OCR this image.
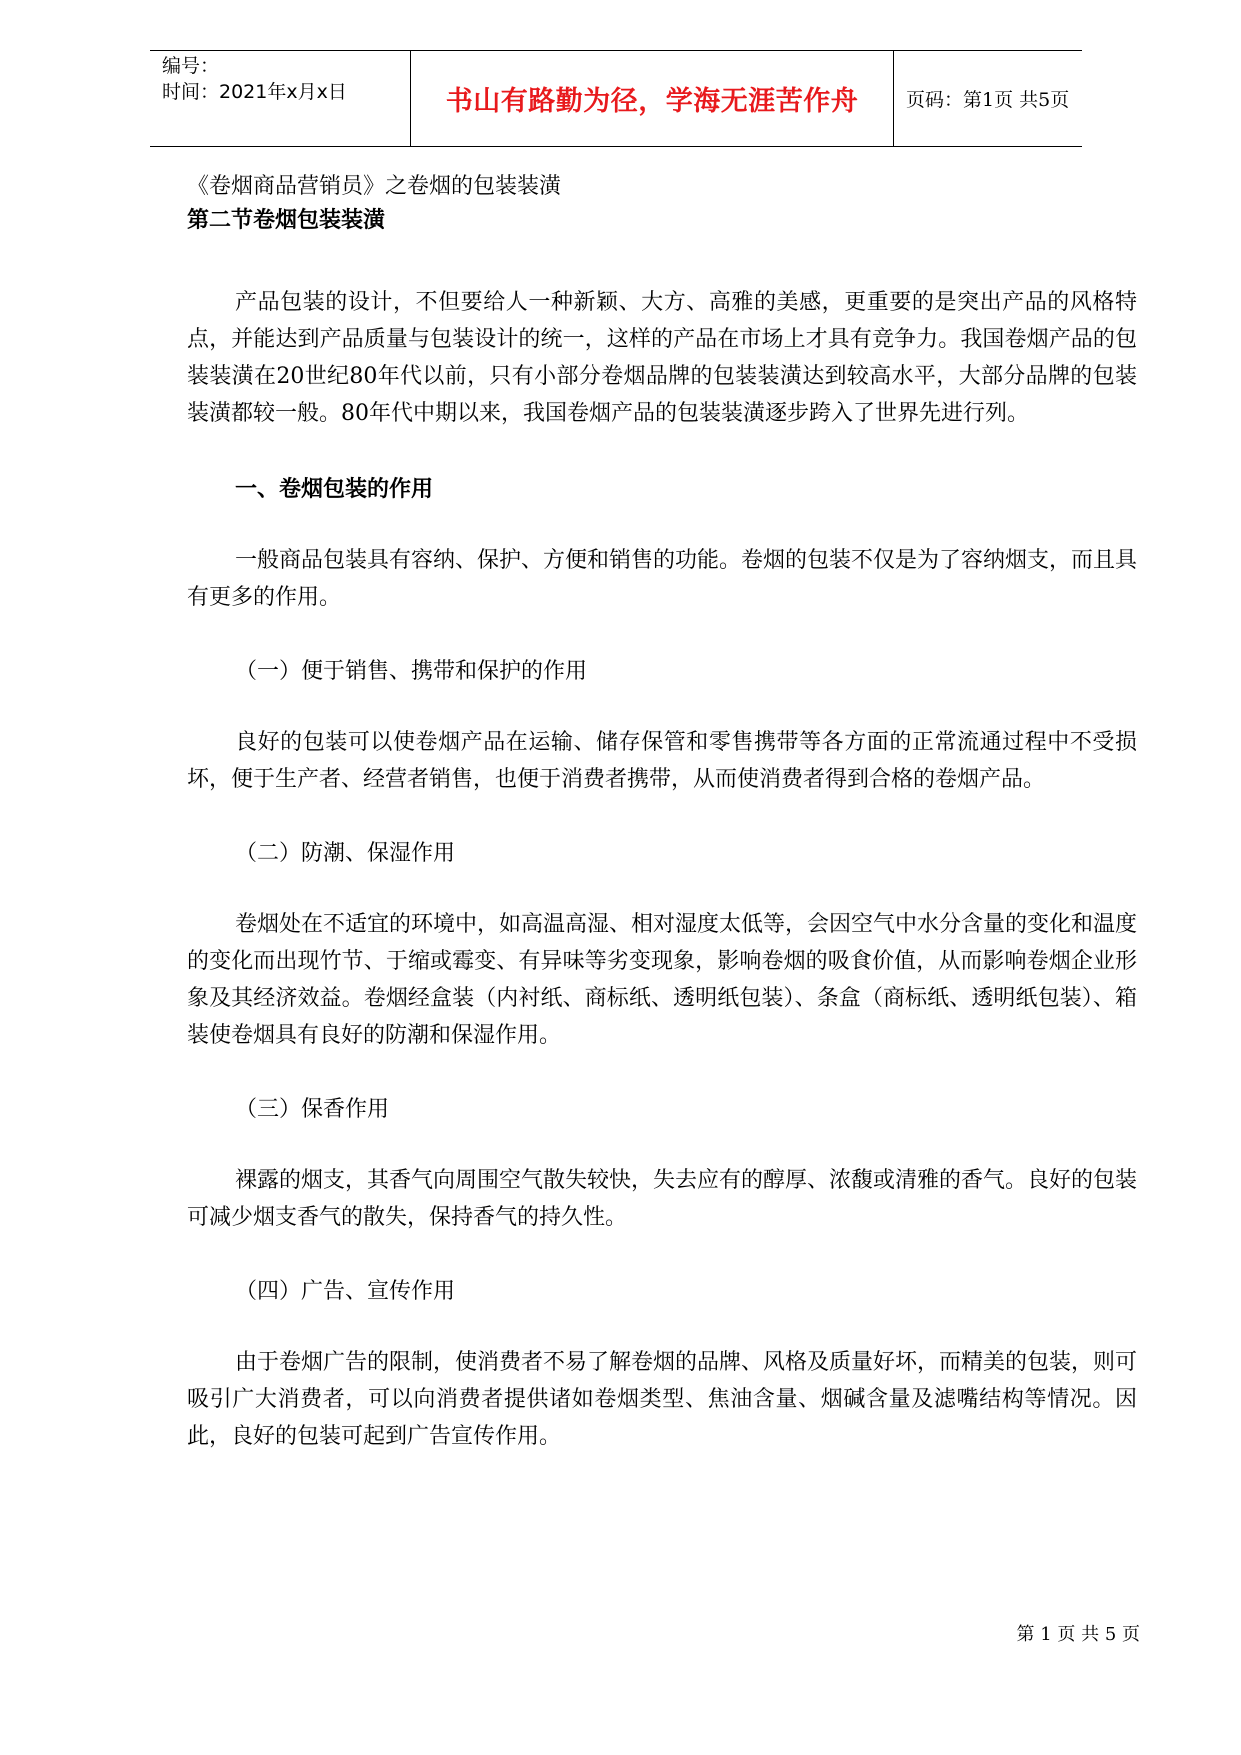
编号：
时间：2021年x月x日	书山有路勤为径，学海无涯苦作舟	页码：第1页 共5页
《卷烟商品营销员》之卷烟的包装装潢
第二节卷烟包装装潢

产品包装的设计，不但要给人一种新颖、大方、高雅的美感，更重要的是突出产品的风格特点，并能达到产品质量与包装设计的统一，这样的产品在市场上才具有竞争力。我国卷烟产品的包装装潢在20世纪80年代以前，只有小部分卷烟品牌的包装装潢达到较高水平，大部分品牌的包装装潢都较一般。80年代中期以来，我国卷烟产品的包装装潢逐步跨入了世界先进行列。

一、卷烟包装的作用

一般商品包装具有容纳、保护、方便和销售的功能。卷烟的包装不仅是为了容纳烟支，而且具有更多的作用。

（一）便于销售、携带和保护的作用

良好的包装可以使卷烟产品在运输、储存保管和零售携带等各方面的正常流通过程中不受损坏，便于生产者、经营者销售，也便于消费者携带，从而使消费者得到合格的卷烟产品。

（二）防潮、保湿作用

卷烟处在不适宜的环境中，如高温高湿、相对湿度太低等，会因空气中水分含量的变化和温度的变化而出现竹节、于缩或霉变、有异味等劣变现象，影响卷烟的吸食价值，从而影响卷烟企业形象及其经济效益。卷烟经盒装（内衬纸、商标纸、透明纸包装）、条盒（商标纸、透明纸包装）、箱装使卷烟具有良好的防潮和保湿作用。

（三）保香作用

裸露的烟支，其香气向周围空气散失较快，失去应有的醇厚、浓馥或清雅的香气。良好的包装可减少烟支香气的散失，保持香气的持久性。

（四）广告、宣传作用

由于卷烟广告的限制，使消费者不易了解卷烟的品牌、风格及质量好坏，而精美的包装，则可吸引广大消费者，可以向消费者提供诸如卷烟类型、焦油含量、烟碱含量及滤嘴结构等情况。因此，良好的包装可起到广告宣传作用。

第 1 页 共 5 页
